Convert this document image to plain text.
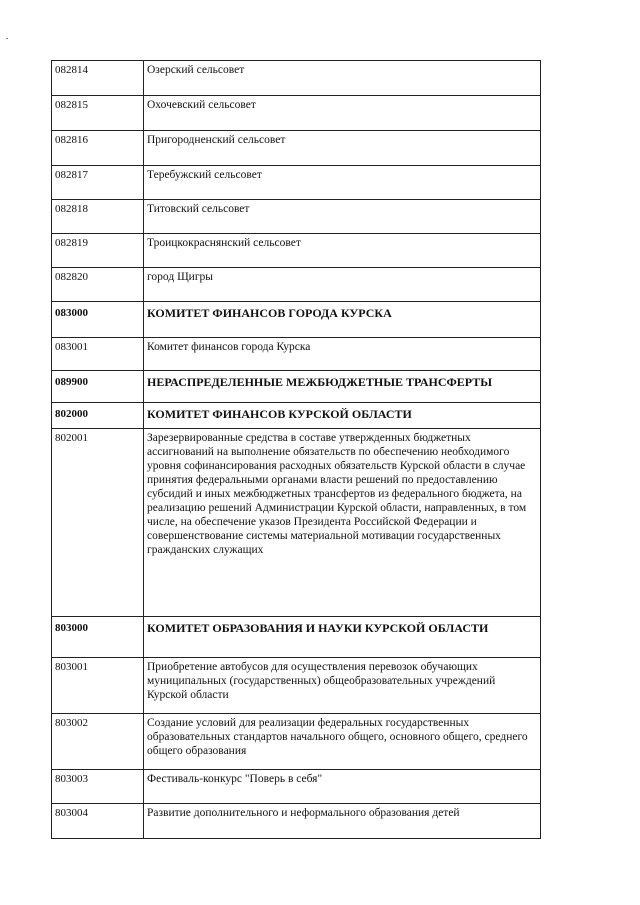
082814	Озерский сельсовет
082815	Охочевский сельсовет
082816	Пригородненский сельсовет
082817	Теребужский сельсовет
082818	Титовский сельсовет
082819	Троицкокраснянский сельсовет
082820	город Щигры
083000	КОМИТЕТ ФИНАНСОВ ГОРОДА КУРСКА
083001	Комитет финансов города Курска
089900	НЕРАСПРЕДЕЛЕННЫЕ МЕЖБЮДЖЕТНЫЕ ТРАНСФЕРТЫ
802000	КОМИТЕТ ФИНАНСОВ КУРСКОЙ ОБЛАСТИ
802001	Зарезервированные средства в составе утвержденных бюджетных ассигнований на выполнение обязательств по обеспечению необходимого уровня софинансирования расходных обязательств Курской области в случае принятия федеральными органами власти решений по предоставлению субсидий и иных межбюджетных трансфертов из федерального бюджета, на реализацию решений Администрации Курской области, направленных, в том числе, на обеспечение указов Президента Российской Федерации и совершенствование системы материальной мотивации государственных гражданских служащих
803000	КОМИТЕТ ОБРАЗОВАНИЯ И НАУКИ КУРСКОЙ ОБЛАСТИ
803001	Приобретение автобусов для осуществления перевозок обучающих муниципальных (государственных) общеобразовательных учреждений Курской области
803002	Создание условий для реализации федеральных государственных образовательных стандартов начального общего, основного общего, среднего общего образования
803003	Фестиваль-конкурс "Поверь в себя"
803004	Развитие дополнительного и неформального образования детей
